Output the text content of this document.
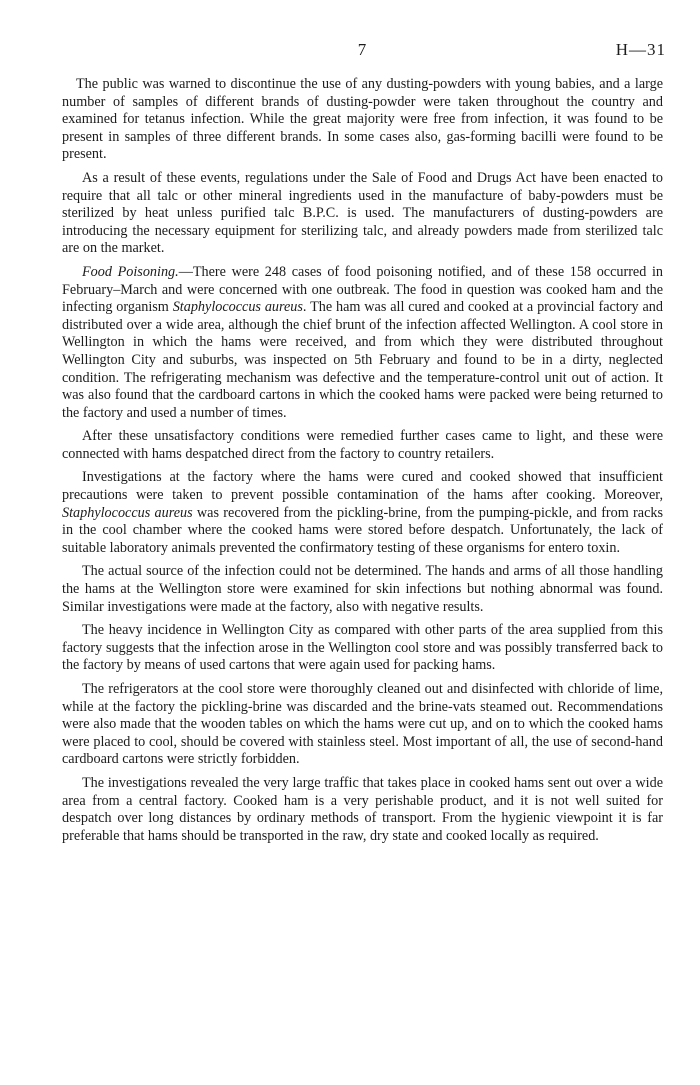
7	H—31

The public was warned to discontinue the use of any dusting-powders with young babies, and a large number of samples of different brands of dusting-powder were taken throughout the country and examined for tetanus infection. While the great majority were free from infection, it was found to be present in samples of three different brands. In some cases also, gas-forming bacilli were found to be present.

As a result of these events, regulations under the Sale of Food and Drugs Act have been enacted to require that all talc or other mineral ingredients used in the manufacture of baby-powders must be sterilized by heat unless purified talc B.P.C. is used. The manufacturers of dusting-powders are introducing the necessary equipment for sterilizing talc, and already powders made from sterilized talc are on the market.

Food Poisoning.—There were 248 cases of food poisoning notified, and of these 158 occurred in February–March and were concerned with one outbreak. The food in question was cooked ham and the infecting organism Staphylococcus aureus. The ham was all cured and cooked at a provincial factory and distributed over a wide area, although the chief brunt of the infection affected Wellington. A cool store in Wellington in which the hams were received, and from which they were distributed throughout Wellington City and suburbs, was inspected on 5th February and found to be in a dirty, neglected condition. The refrigerating mechanism was defective and the temperature-control unit out of action. It was also found that the cardboard cartons in which the cooked hams were packed were being returned to the factory and used a number of times.

After these unsatisfactory conditions were remedied further cases came to light, and these were connected with hams despatched direct from the factory to country retailers.

Investigations at the factory where the hams were cured and cooked showed that insufficient precautions were taken to prevent possible contamination of the hams after cooking. Moreover, Staphylococcus aureus was recovered from the pickling-brine, from the pumping-pickle, and from racks in the cool chamber where the cooked hams were stored before despatch. Unfortunately, the lack of suitable laboratory animals prevented the confirmatory testing of these organisms for entero toxin.

The actual source of the infection could not be determined. The hands and arms of all those handling the hams at the Wellington store were examined for skin infections but nothing abnormal was found. Similar investigations were made at the factory, also with negative results.

The heavy incidence in Wellington City as compared with other parts of the area supplied from this factory suggests that the infection arose in the Wellington cool store and was possibly transferred back to the factory by means of used cartons that were again used for packing hams.

The refrigerators at the cool store were thoroughly cleaned out and disinfected with chloride of lime, while at the factory the pickling-brine was discarded and the brine-vats steamed out. Recommendations were also made that the wooden tables on which the hams were cut up, and on to which the cooked hams were placed to cool, should be covered with stainless steel. Most important of all, the use of second-hand cardboard cartons were strictly forbidden.

The investigations revealed the very large traffic that takes place in cooked hams sent out over a wide area from a central factory. Cooked ham is a very perishable product, and it is not well suited for despatch over long distances by ordinary methods of transport. From the hygienic viewpoint it is far preferable that hams should be transported in the raw, dry state and cooked locally as required.
